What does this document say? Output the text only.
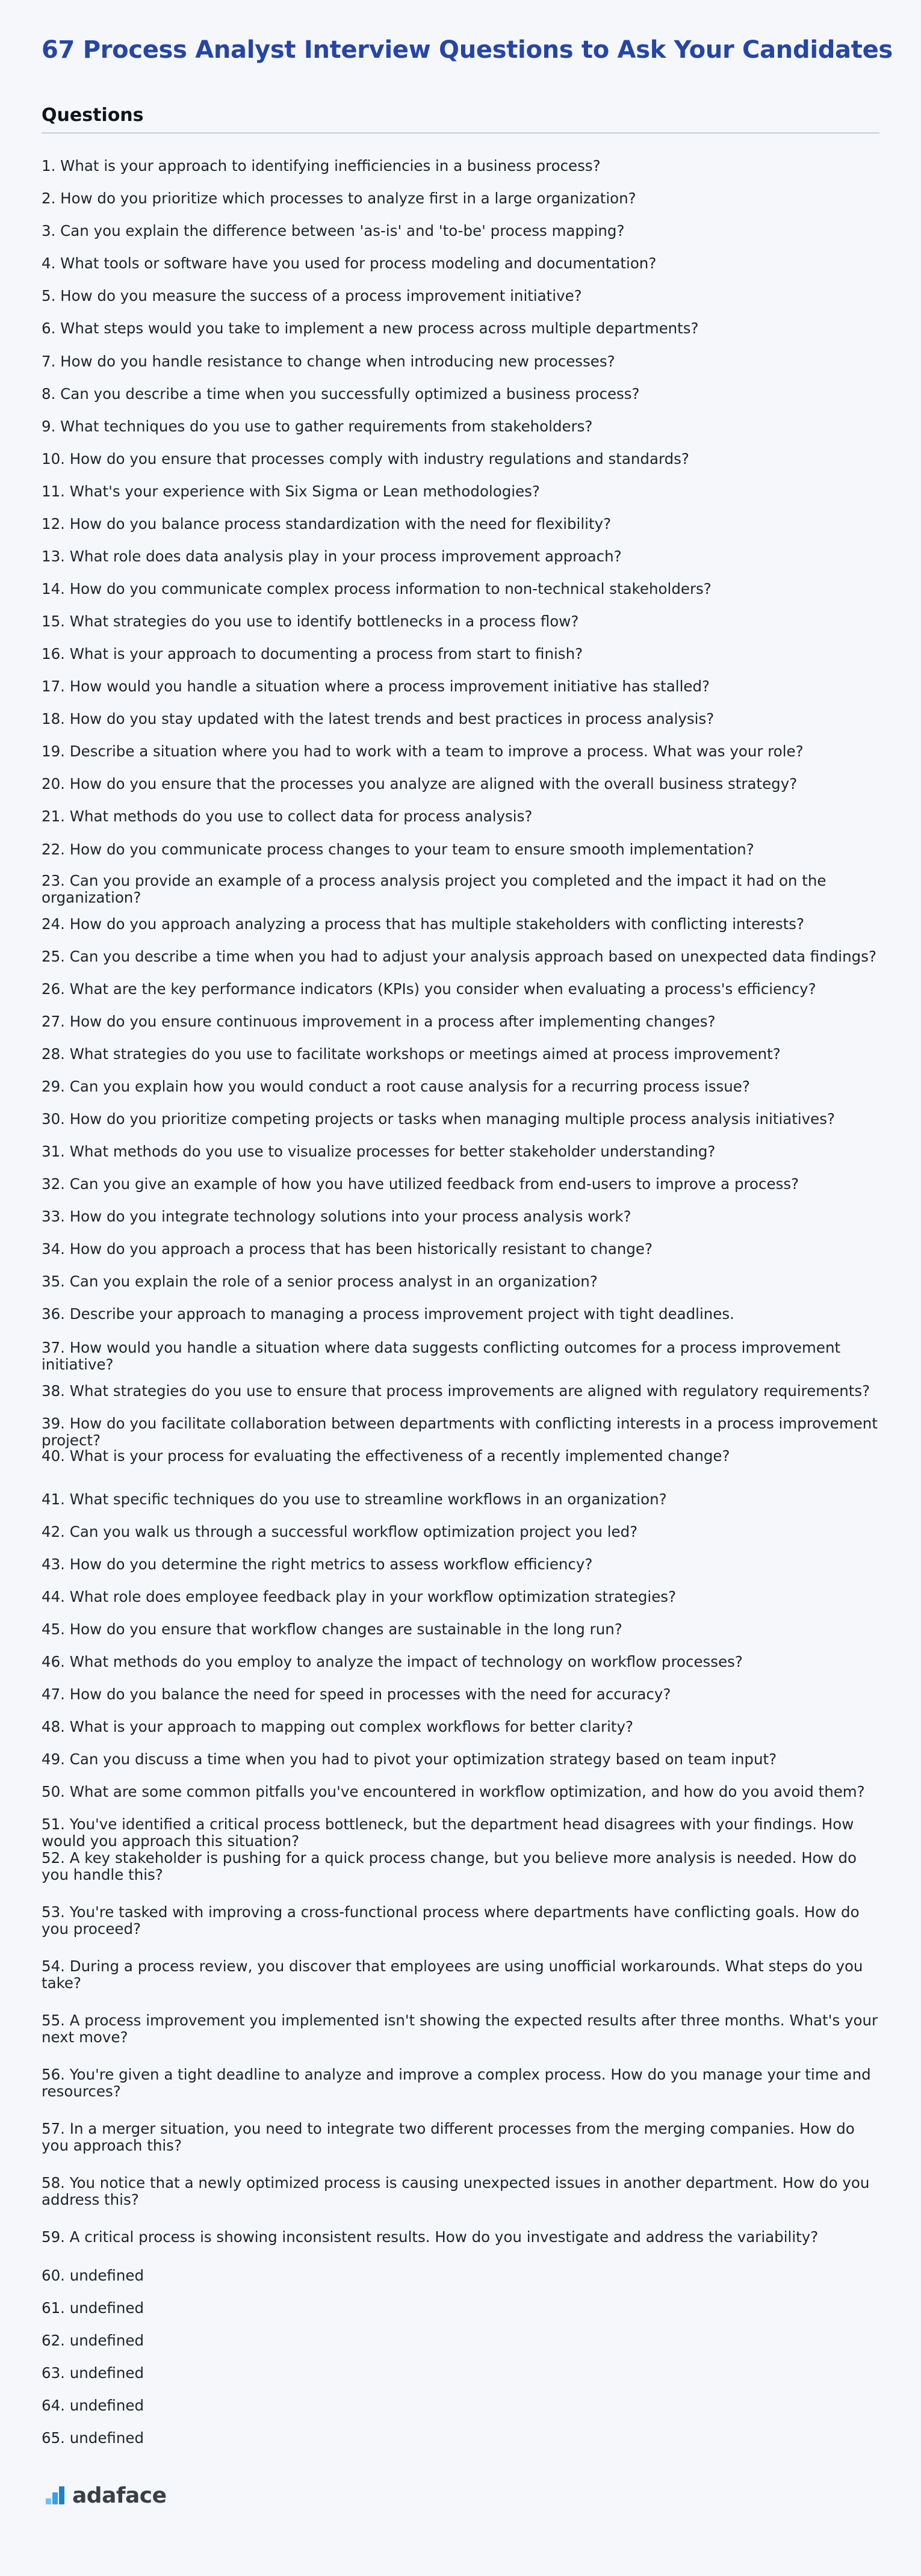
67 Process Analyst Interview Questions to Ask Your Candidates
Questions
1. What is your approach to identifying inefficiencies in a business process?
2. How do you prioritize which processes to analyze first in a large organization?
3. Can you explain the difference between 'as-is' and 'to-be' process mapping?
4. What tools or software have you used for process modeling and documentation?
5. How do you measure the success of a process improvement initiative?
6. What steps would you take to implement a new process across multiple departments?
7. How do you handle resistance to change when introducing new processes?
8. Can you describe a time when you successfully optimized a business process?
9. What techniques do you use to gather requirements from stakeholders?
10. How do you ensure that processes comply with industry regulations and standards?
11. What's your experience with Six Sigma or Lean methodologies?
12. How do you balance process standardization with the need for flexibility?
13. What role does data analysis play in your process improvement approach?
14. How do you communicate complex process information to non-technical stakeholders?
15. What strategies do you use to identify bottlenecks in a process flow?
16. What is your approach to documenting a process from start to finish?
17. How would you handle a situation where a process improvement initiative has stalled?
18. How do you stay updated with the latest trends and best practices in process analysis?
19. Describe a situation where you had to work with a team to improve a process. What was your role?
20. How do you ensure that the processes you analyze are aligned with the overall business strategy?
21. What methods do you use to collect data for process analysis?
22. How do you communicate process changes to your team to ensure smooth implementation?
23. Can you provide an example of a process analysis project you completed and the impact it had on the organization?
24. How do you approach analyzing a process that has multiple stakeholders with conflicting interests?
25. Can you describe a time when you had to adjust your analysis approach based on unexpected data findings?
26. What are the key performance indicators (KPIs) you consider when evaluating a process's efficiency?
27. How do you ensure continuous improvement in a process after implementing changes?
28. What strategies do you use to facilitate workshops or meetings aimed at process improvement?
29. Can you explain how you would conduct a root cause analysis for a recurring process issue?
30. How do you prioritize competing projects or tasks when managing multiple process analysis initiatives?
31. What methods do you use to visualize processes for better stakeholder understanding?
32. Can you give an example of how you have utilized feedback from end-users to improve a process?
33. How do you integrate technology solutions into your process analysis work?
34. How do you approach a process that has been historically resistant to change?
35. Can you explain the role of a senior process analyst in an organization?
36. Describe your approach to managing a process improvement project with tight deadlines.
37. How would you handle a situation where data suggests conflicting outcomes for a process improvement initiative?
38. What strategies do you use to ensure that process improvements are aligned with regulatory requirements?
39. How do you facilitate collaboration between departments with conflicting interests in a process improvement project?
40. What is your process for evaluating the effectiveness of a recently implemented change?
41. What specific techniques do you use to streamline workflows in an organization?
42. Can you walk us through a successful workflow optimization project you led?
43. How do you determine the right metrics to assess workflow efficiency?
44. What role does employee feedback play in your workflow optimization strategies?
45. How do you ensure that workflow changes are sustainable in the long run?
46. What methods do you employ to analyze the impact of technology on workflow processes?
47. How do you balance the need for speed in processes with the need for accuracy?
48. What is your approach to mapping out complex workflows for better clarity?
49. Can you discuss a time when you had to pivot your optimization strategy based on team input?
50. What are some common pitfalls you've encountered in workflow optimization, and how do you avoid them?
51. You've identified a critical process bottleneck, but the department head disagrees with your findings. How would you approach this situation?
52. A key stakeholder is pushing for a quick process change, but you believe more analysis is needed. How do you handle this?
53. You're tasked with improving a cross-functional process where departments have conflicting goals. How do you proceed?
54. During a process review, you discover that employees are using unofficial workarounds. What steps do you take?
55. A process improvement you implemented isn't showing the expected results after three months. What's your next move?
56. You're given a tight deadline to analyze and improve a complex process. How do you manage your time and resources?
57. In a merger situation, you need to integrate two different processes from the merging companies. How do you approach this?
58. You notice that a newly optimized process is causing unexpected issues in another department. How do you address this?
59. A critical process is showing inconsistent results. How do you investigate and address the variability?
60. undefined
61. undefined
62. undefined
63. undefined
64. undefined
65. undefined
adaface
